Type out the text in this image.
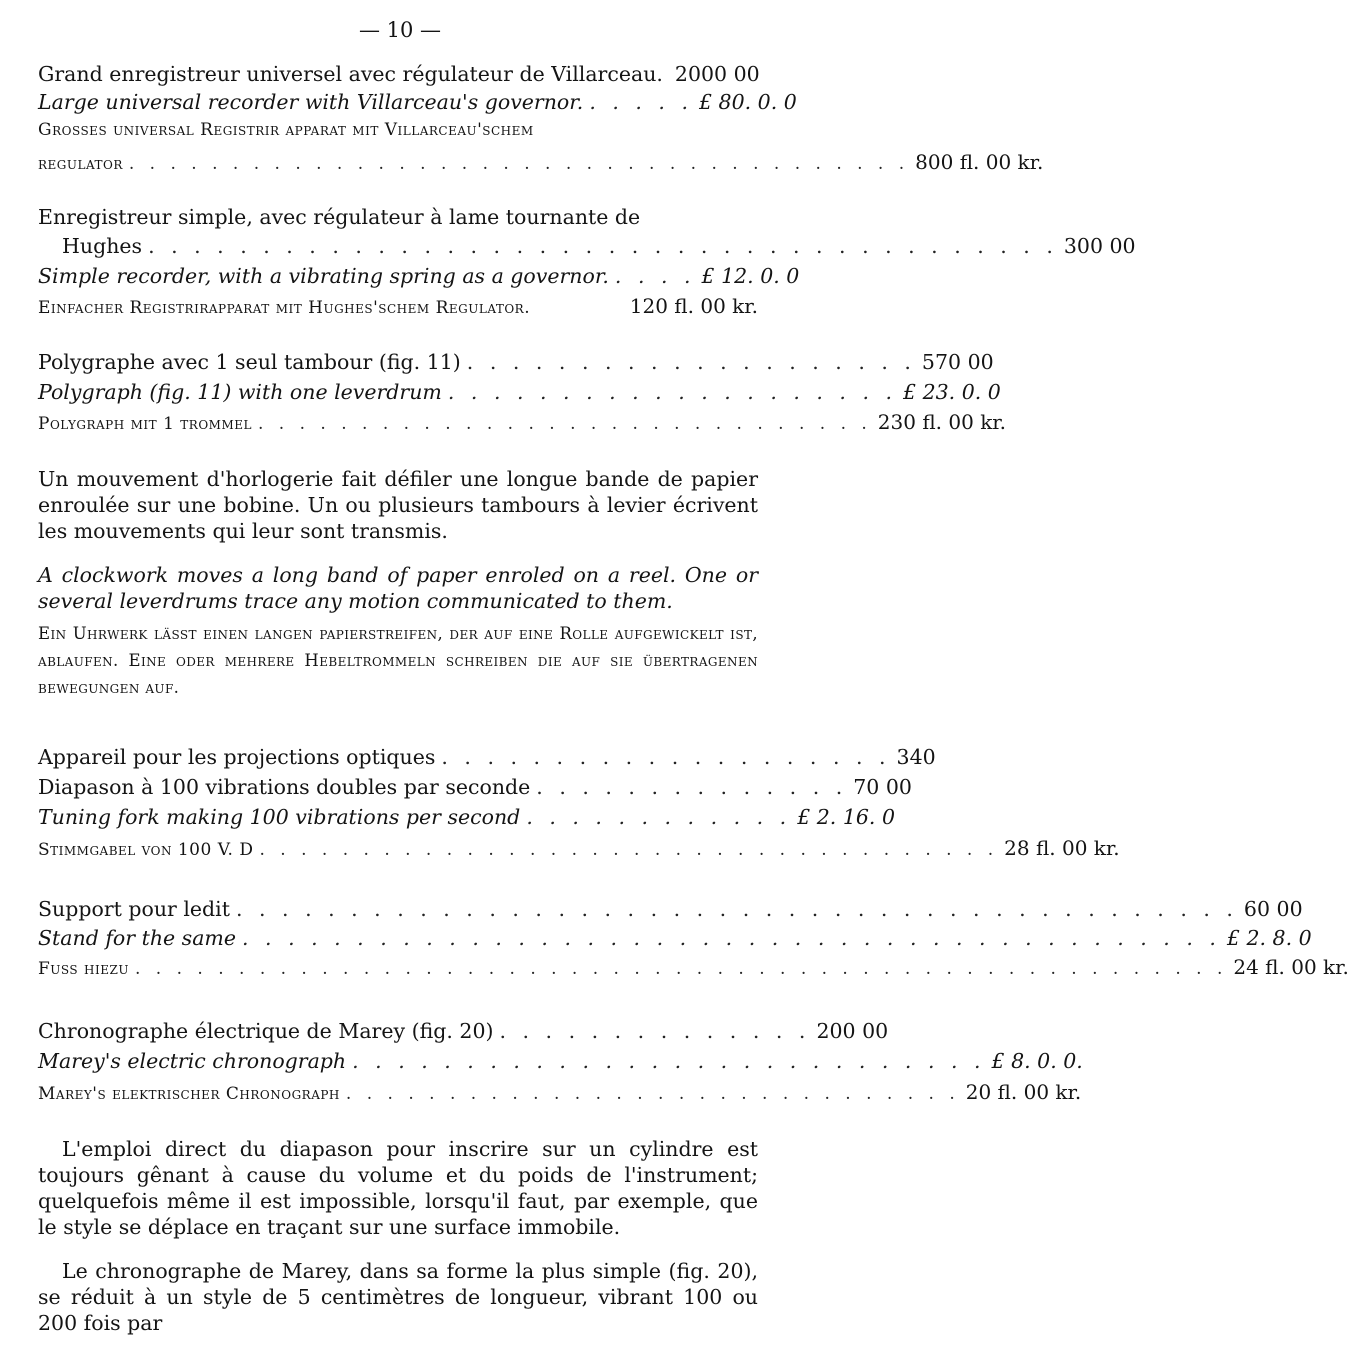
— 10 —
Grand enregistreur universel avec régulateur de Villarceau. 2000 00
Large universal recorder with Villarceau's governor. . . . . . £ 80. 0. 0
Grosses universal Registrir apparat mit Villarceau'schem
regulator . . . . . . . . . . . . . . . . . . . . . . . . . . . . . . . . . . . . . . 800 fl. 00 kr.
Enregistreur simple, avec régulateur à lame tournante de
Hughes . . . . . . . . . . . . . . . . . . . . . . . . . . . . . . . . . . . . . . . . 300 00
Simple recorder, with a vibrating spring as a governor. . . . . £ 12. 0. 0
Einfacher Registrirapparat mit Hughes'schem Regulator.	120 fl. 00 kr.
Polygraphe avec 1 seul tambour (fig. 11) . . . . . . . . . . . . . . . . . . . . 570 00
Polygraph (fig. 11) with one leverdrum . . . . . . . . . . . . . . . . . . . . £ 23. 0. 0
Polygraph mit 1 trommel . . . . . . . . . . . . . . . . . . . . . . . . . . . . . . 230 fl. 00 kr.

Un mouvement d'horlogerie fait défiler une longue bande de papier enroulée sur une bobine. Un ou plusieurs tambours à levier écrivent les mouvements qui leur sont transmis.

A clockwork moves a long band of paper enroled on a reel. One or several leverdrums trace any motion communicated to them.

Ein Uhrwerk lässt einen langen papierstreifen, der auf eine Rolle aufgewickelt ist, ablaufen. Eine oder mehrere Hebeltrommeln schreiben die auf sie übertragenen bewegungen auf.

Appareil pour les projections optiques . . . . . . . . . . . . . . . . . . . . 340
Diapason à 100 vibrations doubles par seconde . . . . . . . . . . . . . . 70 00
Tuning fork making 100 vibrations per second . . . . . . . . . . . . £ 2. 16. 0
Stimmgabel von 100 V. D . . . . . . . . . . . . . . . . . . . . . . . . . . . . . . . . . . . . 28 fl. 00 kr.
Support pour ledit . . . . . . . . . . . . . . . . . . . . . . . . . . . . . . . . . . . . . . . . . . . . 60 00
Stand for the same . . . . . . . . . . . . . . . . . . . . . . . . . . . . . . . . . . . . . . . . . . . £ 2. 8. 0
Fuss hiezu . . . . . . . . . . . . . . . . . . . . . . . . . . . . . . . . . . . . . . . . . . . . . . . . . . . . . 24 fl. 00 kr.
Chronographe électrique de Marey (fig. 20) . . . . . . . . . . . . . . 200 00
Marey's electric chronograph . . . . . . . . . . . . . . . . . . . . . . . . . . . . £ 8. 0. 0.
Marey's elektrischer Chronograph . . . . . . . . . . . . . . . . . . . . . . . . . . . . . . 20 fl. 00 kr.

L'emploi direct du diapason pour inscrire sur un cylindre est toujours gênant à cause du volume et du poids de l'instrument; quelquefois même il est impossible, lorsqu'il faut, par exemple, que le style se déplace en traçant sur une surface immobile.

Le chronographe de Marey, dans sa forme la plus simple (fig. 20), se réduit à un style de 5 centimètres de longueur, vibrant 100 ou 200 fois par
